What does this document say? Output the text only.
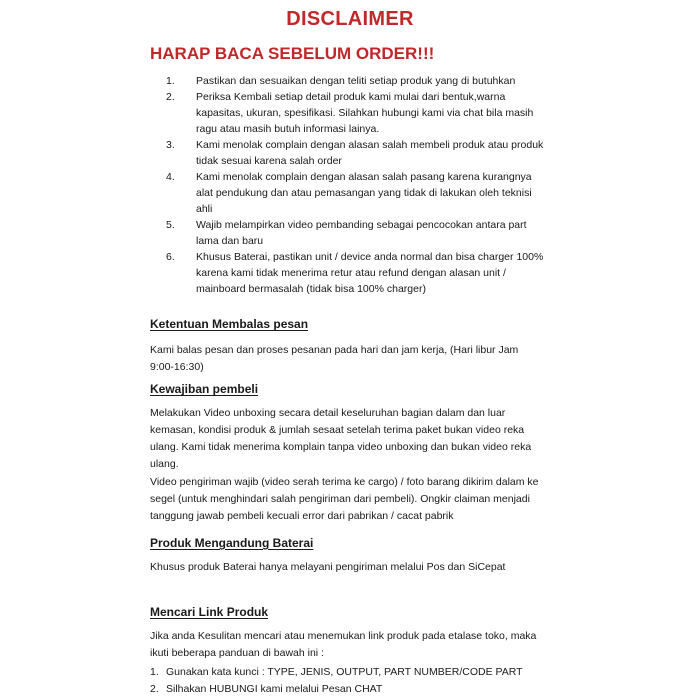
DISCLAIMER
HARAP BACA SEBELUM ORDER!!!
1. Pastikan dan sesuaikan dengan teliti setiap produk yang di butuhkan
2. Periksa Kembali setiap detail produk kami mulai dari bentuk,warna kapasitas, ukuran, spesifikasi. Silahkan hubungi kami via chat bila masih ragu atau masih butuh informasi lainya.
3. Kami menolak complain dengan alasan salah membeli produk atau produk tidak sesuai karena salah order
4. Kami menolak complain dengan alasan salah pasang karena kurangnya alat pendukung dan atau pemasangan yang tidak di lakukan oleh teknisi ahli
5. Wajib melampirkan video pembanding sebagai pencocokan antara part lama dan baru
6. Khusus Baterai, pastikan unit / device anda normal dan bisa charger 100% karena kami tidak menerima retur atau refund dengan alasan unit / mainboard bermasalah (tidak bisa 100% charger)
Ketentuan Membalas pesan
Kami balas pesan dan proses pesanan pada hari dan jam kerja, (Hari libur Jam 9:00-16:30)
Kewajiban pembeli
Melakukan Video unboxing secara detail keseluruhan bagian dalam dan luar kemasan, kondisi produk & jumlah sesaat setelah terima paket bukan video reka ulang. Kami tidak menerima komplain tanpa video unboxing dan bukan video reka ulang.
Video pengiriman wajib (video serah terima ke cargo) / foto barang dikirim dalam ke segel (untuk menghindari salah pengiriman dari pembeli). Ongkir claiman menjadi tanggung jawab pembeli kecuali error dari pabrikan / cacat pabrik
Produk Mengandung Baterai
Khusus produk Baterai hanya melayani pengiriman melalui Pos dan SiCepat
Mencari Link Produk
Jika anda Kesulitan mencari atau menemukan link produk pada etalase toko, maka ikuti beberapa panduan di bawah ini :
1. Gunakan kata kunci : TYPE, JENIS, OUTPUT, PART NUMBER/CODE PART
2. Silhakan HUBUNGI kami melalui Pesan CHAT
